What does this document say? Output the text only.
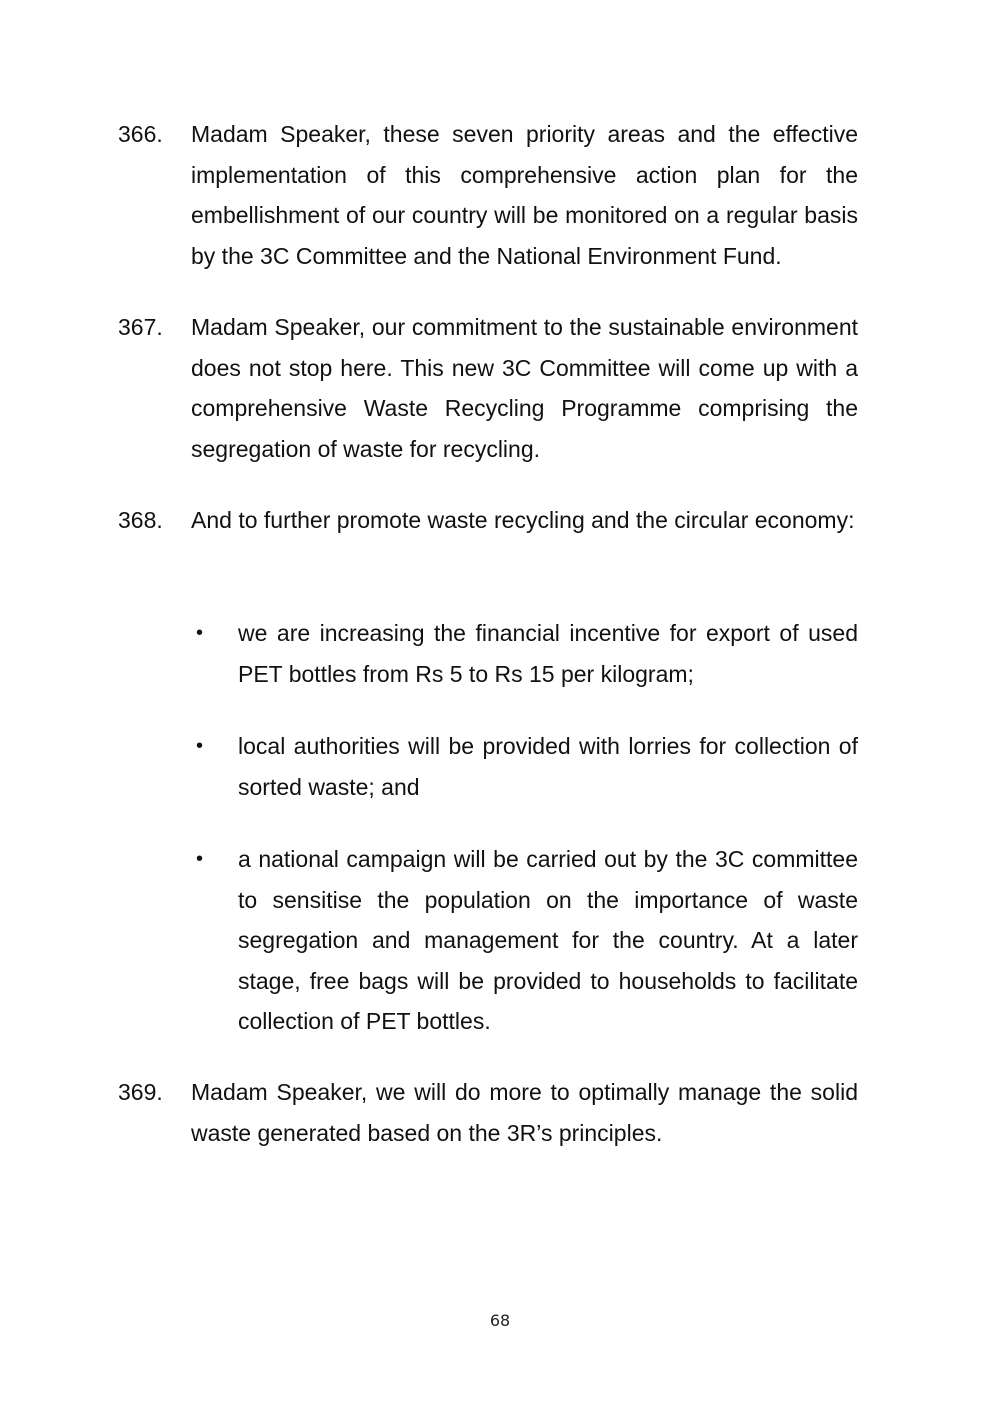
366.	Madam Speaker, these seven priority areas and the effective implementation of this comprehensive action plan for the embellishment of our country will be monitored on a regular basis by the 3C Committee and the National Environment Fund.
367.	Madam Speaker, our commitment to the sustainable environment does not stop here. This new 3C Committee will come up with a comprehensive Waste Recycling Programme comprising the segregation of waste for recycling.
368.	And to further promote waste recycling and the circular economy:
• we are increasing the financial incentive for export of used PET bottles from Rs 5 to Rs 15 per kilogram;
• local authorities will be provided with lorries for collection of sorted waste; and
• a national campaign will be carried out by the 3C committee to sensitise the population on the importance of waste segregation and management for the country. At a later stage, free bags will be provided to households to facilitate collection of PET bottles.
369.	Madam Speaker, we will do more to optimally manage the solid waste generated based on the 3R’s principles.
68
